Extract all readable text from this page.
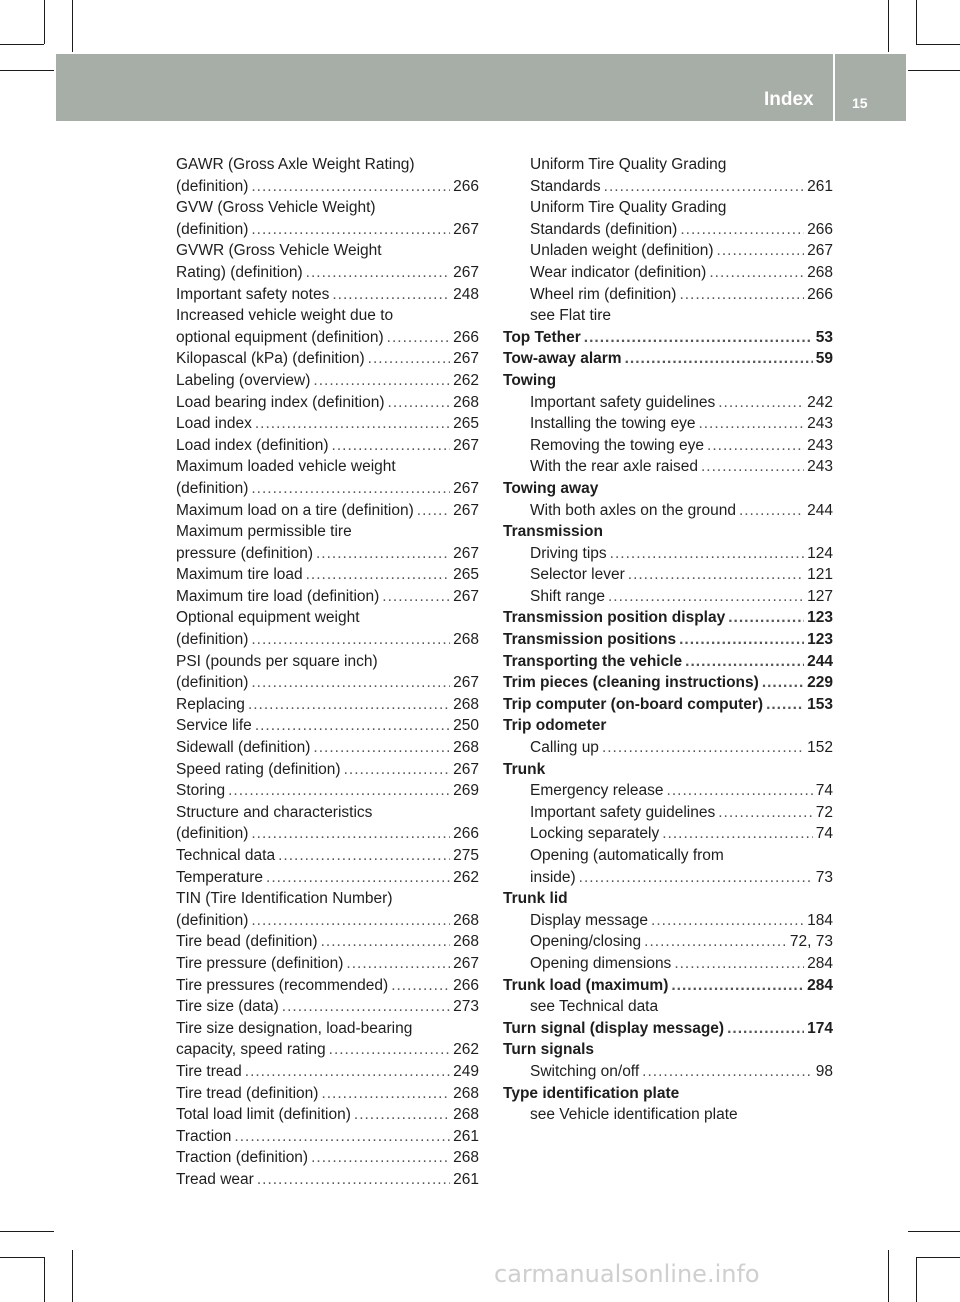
Index	15
GAWR (Gross Axle Weight Rating)
(definition) .....	266
GVW (Gross Vehicle Weight)
(definition) .....	267
GVWR (Gross Vehicle Weight
Rating) (definition) .....	267
Important safety notes .....	248
Increased vehicle weight due to
optional equipment (definition) .....	266
Kilopascal (kPa) (definition) .....	267
Labeling (overview) .....	262
Load bearing index (definition) .....	268
Load index .....	265
Load index (definition) .....	267
Maximum loaded vehicle weight
(definition) .....	267
Maximum load on a tire (definition) .....	267
Maximum permissible tire
pressure (definition) .....	267
Maximum tire load .....	265
Maximum tire load (definition) .....	267
Optional equipment weight
(definition) .....	268
PSI (pounds per square inch)
(definition) .....	267
Replacing .....	268
Service life .....	250
Sidewall (definition) .....	268
Speed rating (definition) .....	267
Storing .....	269
Structure and characteristics
(definition) .....	266
Technical data .....	275
Temperature .....	262
TIN (Tire Identification Number)
(definition) .....	268
Tire bead (definition) .....	268
Tire pressure (definition) .....	267
Tire pressures (recommended) .....	266
Tire size (data) .....	273
Tire size designation, load-bearing
capacity, speed rating .....	262
Tire tread .....	249
Tire tread (definition) .....	268
Total load limit (definition) .....	268
Traction .....	261
Traction (definition) .....	268
Tread wear .....	261
Uniform Tire Quality Grading
Standards .....	261
Uniform Tire Quality Grading
Standards (definition) .....	266
Unladen weight (definition) .....	267
Wear indicator (definition) .....	268
Wheel rim (definition) .....	266
see Flat tire
Top Tether .....	53
Tow-away alarm .....	59
Towing
Important safety guidelines .....	242
Installing the towing eye .....	243
Removing the towing eye .....	243
With the rear axle raised .....	243
Towing away
With both axles on the ground .....	244
Transmission
Driving tips .....	124
Selector lever .....	121
Shift range .....	127
Transmission position display .....	123
Transmission positions .....	123
Transporting the vehicle .....	244
Trim pieces (cleaning instructions) .....	229
Trip computer (on-board computer) .....	153
Trip odometer
Calling up .....	152
Trunk
Emergency release .....	74
Important safety guidelines .....	72
Locking separately .....	74
Opening (automatically from
inside) .....	73
Trunk lid
Display message .....	184
Opening/closing .....	72, 73
Opening dimensions .....	284
Trunk load (maximum) .....	284
see Technical data
Turn signal (display message) .....	174
Turn signals
Switching on/off .....	98
Type identification plate
see Vehicle identification plate
carmanualsonline.info
